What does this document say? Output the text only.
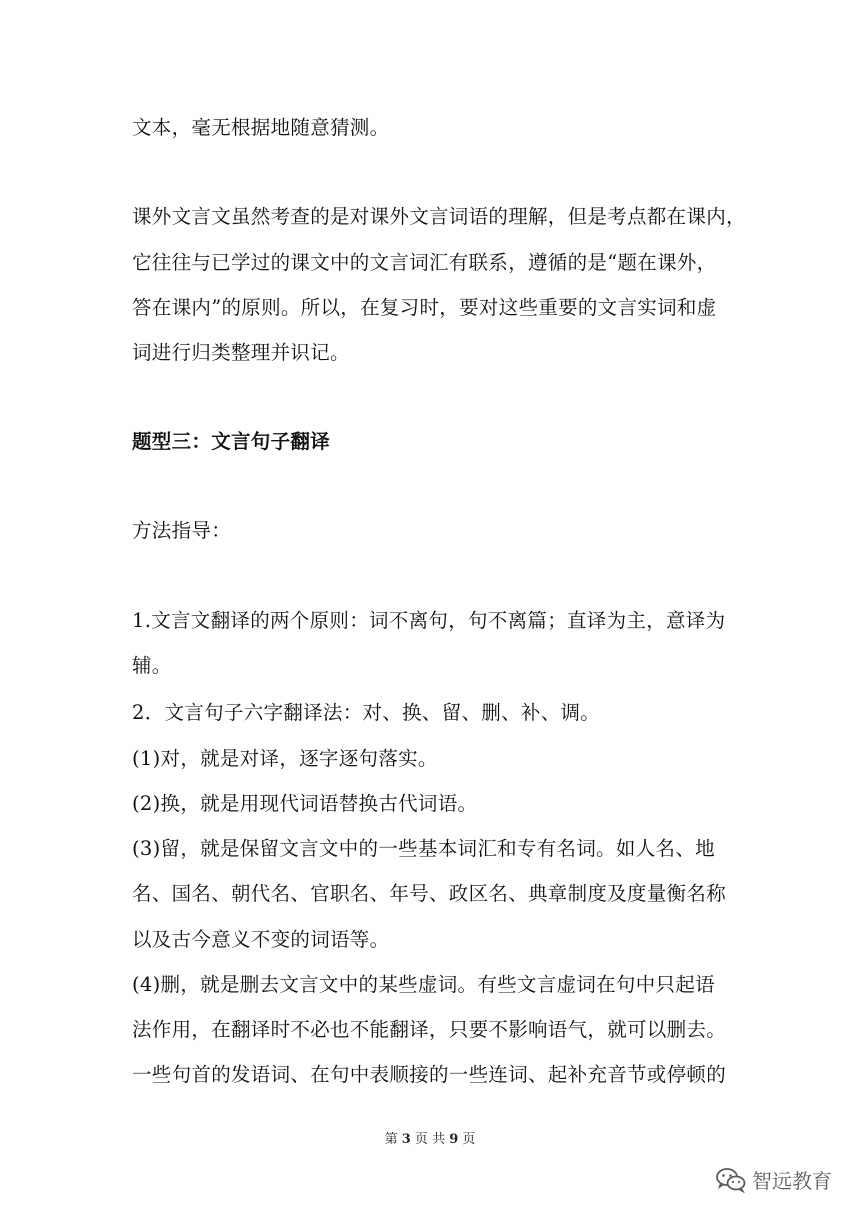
文本，毫无根据地随意猜测。
课外文言文虽然考查的是对课外文言词语的理解，但是考点都在课内，
它往往与已学过的课文中的文言词汇有联系，遵循的是“题在课外，
答在课内”的原则。所以，在复习时，要对这些重要的文言实词和虚
词进行归类整理并识记。
题型三：文言句子翻译
方法指导：
1.文言文翻译的两个原则：词不离句，句不离篇；直译为主，意译为
辅。
2．文言句子六字翻译法：对、换、留、删、补、调。
(1)对，就是对译，逐字逐句落实。
(2)换，就是用现代词语替换古代词语。
(3)留，就是保留文言文中的一些基本词汇和专有名词。如人名、地
名、国名、朝代名、官职名、年号、政区名、典章制度及度量衡名称
以及古今意义不变的词语等。
(4)删，就是删去文言文中的某些虚词。有些文言虚词在句中只起语
法作用，在翻译时不必也不能翻译，只要不影响语气，就可以删去。
一些句首的发语词、在句中表顺接的一些连词、起补充音节或停顿的
第 3 页 共 9 页
智远教育
